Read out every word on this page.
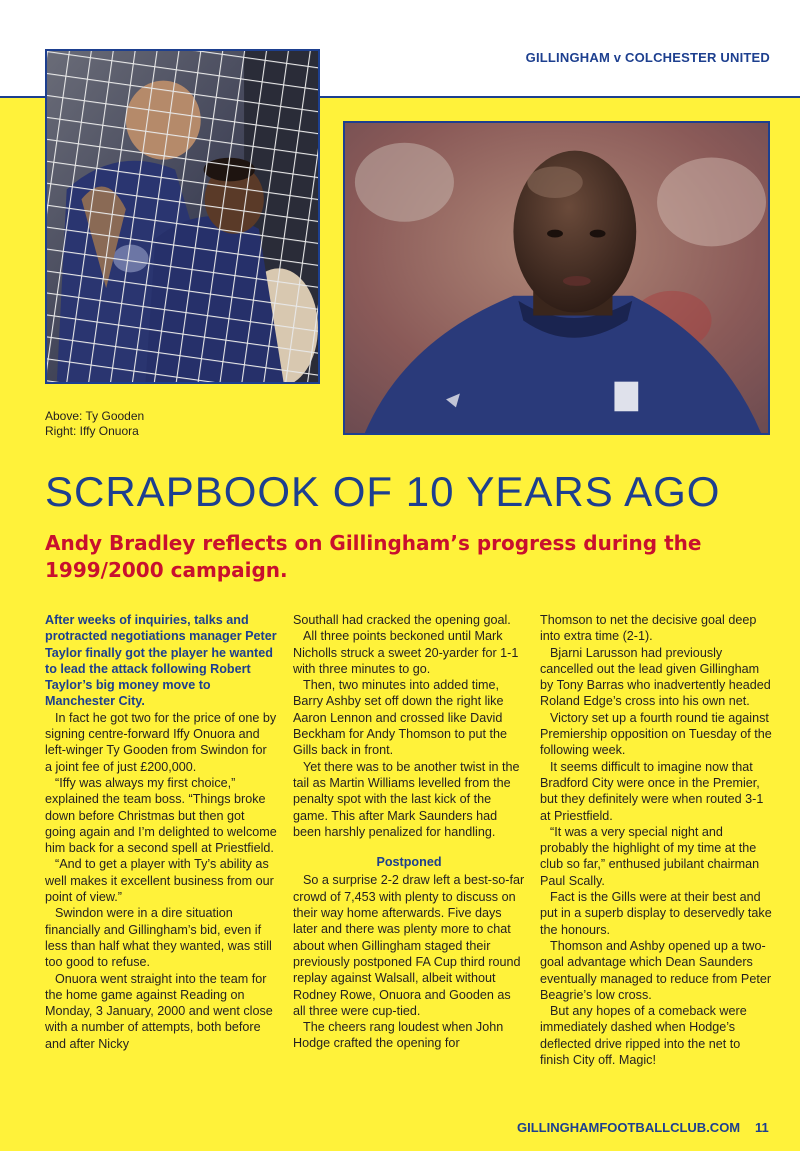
GILLINGHAM v COLCHESTER UNITED
Above: Ty Gooden
Right: Iffy Onuora
SCRAPBOOK OF 10 YEARS AGO
Andy Bradley reflects on Gillingham’s progress during the 1999/2000 campaign.

After weeks of inquiries, talks and protracted negotiations manager Peter Taylor finally got the player he wanted to lead the attack following Robert Taylor’s big money move to Manchester City.

In fact he got two for the price of one by signing centre-forward Iffy Onuora and left-winger Ty Gooden from Swindon for a joint fee of just £200,000.

“Iffy was always my first choice,” explained the team boss. “Things broke down before Christmas but then got going again and I’m delighted to welcome him back for a second spell at Priestfield.

“And to get a player with Ty’s ability as well makes it excellent business from our point of view.”

Swindon were in a dire situation financially and Gillingham’s bid, even if less than half what they wanted, was still too good to refuse.

Onuora went straight into the team for the home game against Reading on Monday, 3 January, 2000 and went close with a number of attempts, both before and after Nicky

Southall had cracked the opening goal.

All three points beckoned until Mark Nicholls struck a sweet 20-yarder for 1-1 with three minutes to go.

Then, two minutes into added time, Barry Ashby set off down the right like Aaron Lennon and crossed like David Beckham for Andy Thomson to put the Gills back in front.

Yet there was to be another twist in the tail as Martin Williams levelled from the penalty spot with the last kick of the game. This after Mark Saunders had been harshly penalized for handling.

Postponed

So a surprise 2-2 draw left a best-so-far crowd of 7,453 with plenty to discuss on their way home afterwards. Five days later and there was plenty more to chat about when Gillingham staged their previously postponed FA Cup third round replay against Walsall, albeit without Rodney Rowe, Onuora and Gooden as all three were cup-tied.

The cheers rang loudest when John Hodge crafted the opening for

Thomson to net the decisive goal deep into extra time (2-1).

Bjarni Larusson had previously cancelled out the lead given Gillingham by Tony Barras who inadvertently headed Roland Edge’s cross into his own net.

Victory set up a fourth round tie against Premiership opposition on Tuesday of the following week.

It seems difficult to imagine now that Bradford City were once in the Premier, but they definitely were when routed 3-1 at Priestfield.

“It was a very special night and probably the highlight of my time at the club so far,” enthused jubilant chairman Paul Scally.

Fact is the Gills were at their best and put in a superb display to deservedly take the honours.

Thomson and Ashby opened up a two-goal advantage which Dean Saunders eventually managed to reduce from Peter Beagrie’s low cross.

But any hopes of a comeback were immediately dashed when Hodge’s deflected drive ripped into the net to finish City off. Magic!

GILLINGHAMFOOTBALLCLUB.COM 11
